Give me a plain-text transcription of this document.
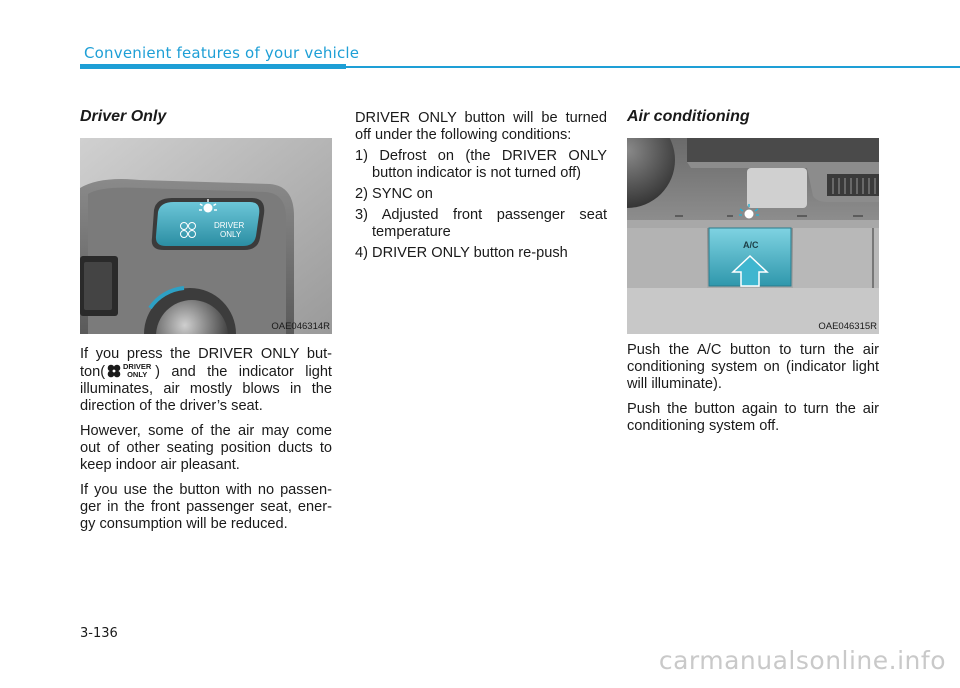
Convenient features of your vehicle

Driver Only

DRIVER
ONLY
OAE046314R

If you press the DRIVER ONLY but-ton( DRIVER
ONLY ) and the indicator light illuminates, air mostly blows in the direction of the driver’s seat.

However, some of the air may come out of other seating position ducts to keep indoor air pleasant.

If you use the button with no passen-ger in the front passenger seat, ener-gy consumption will be reduced.

DRIVER ONLY button will be turned off under the following conditions:

1) Defrost on (the DRIVER ONLY button indicator is not turned off)
2) SYNC on
3) Adjusted front passenger seat temperature
4) DRIVER ONLY button re-push

Air conditioning

A/C
OAE046315R

Push the A/C button to turn the air conditioning system on (indicator light will illuminate).

Push the button again to turn the air conditioning system off.

3-136
carmanualsonline.info
